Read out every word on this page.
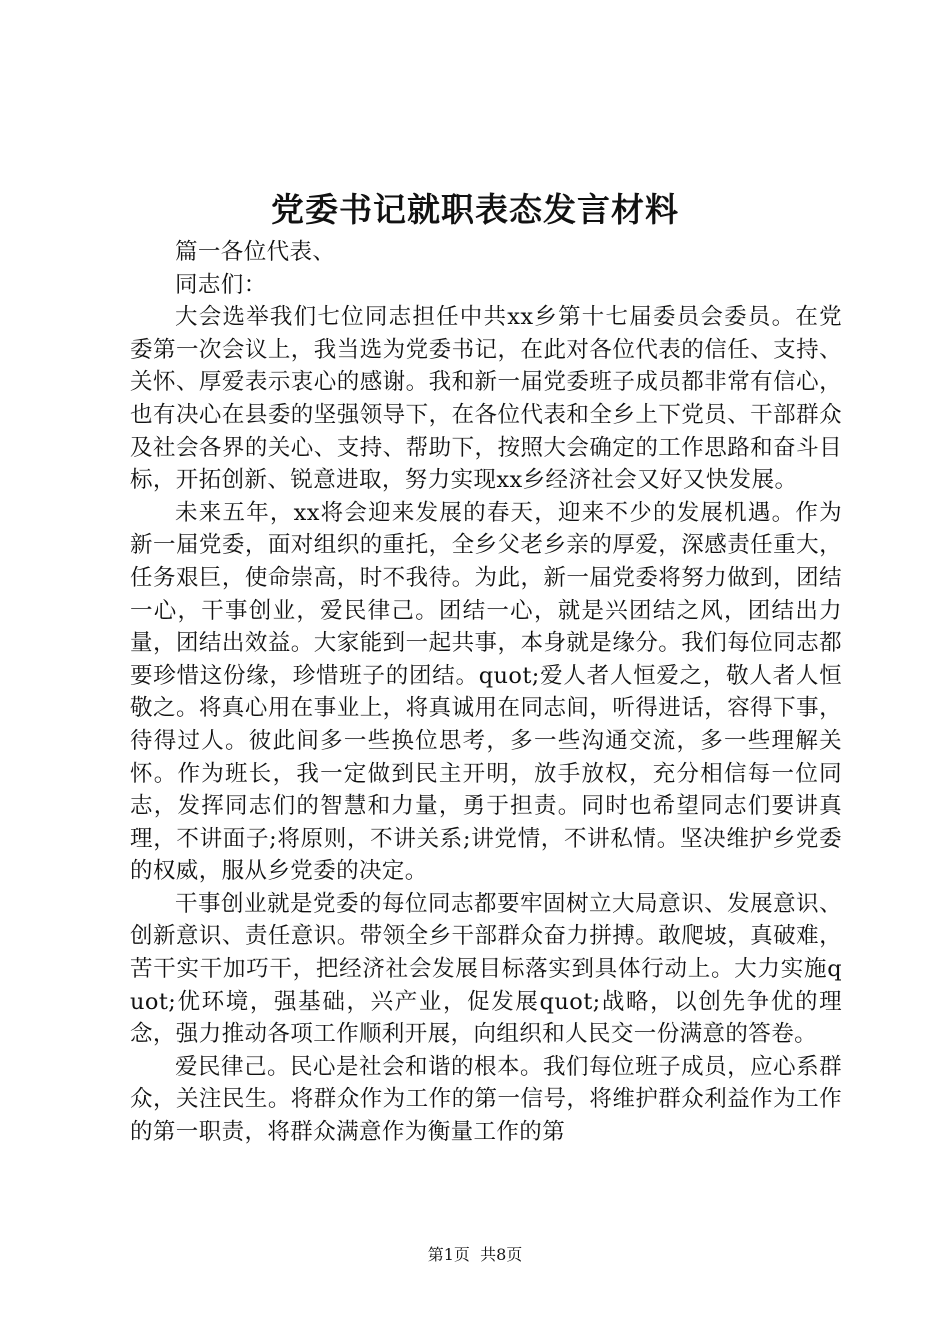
党委书记就职表态发言材料

篇一各位代表、

同志们：

大会选举我们七位同志担任中共xx乡第十七届委员会委员。在党委第一次会议上，我当选为党委书记，在此对各位代表的信任、支持、关怀、厚爱表示衷心的感谢。我和新一届党委班子成员都非常有信心，也有决心在县委的坚强领导下，在各位代表和全乡上下党员、干部群众及社会各界的关心、支持、帮助下，按照大会确定的工作思路和奋斗目标，开拓创新、锐意进取，努力实现xx乡经济社会又好又快发展。

未来五年，xx将会迎来发展的春天，迎来不少的发展机遇。作为新一届党委，面对组织的重托，全乡父老乡亲的厚爱，深感责任重大，任务艰巨，使命崇高，时不我待。为此，新一届党委将努力做到，团结一心，干事创业，爱民律己。团结一心，就是兴团结之风，团结出力量，团结出效益。大家能到一起共事，本身就是缘分。我们每位同志都要珍惜这份缘，珍惜班子的团结。quot;爱人者人恒爱之，敬人者人恒敬之。将真心用在事业上，将真诚用在同志间，听得进话，容得下事，待得过人。彼此间多一些换位思考，多一些沟通交流，多一些理解关怀。作为班长，我一定做到民主开明，放手放权，充分相信每一位同志，发挥同志们的智慧和力量，勇于担责。同时也希望同志们要讲真理，不讲面子;将原则，不讲关系;讲党情，不讲私情。坚决维护乡党委的权威，服从乡党委的决定。

干事创业就是党委的每位同志都要牢固树立大局意识、发展意识、创新意识、责任意识。带领全乡干部群众奋力拼搏。敢爬坡，真破难，苦干实干加巧干，把经济社会发展目标落实到具体行动上。大力实施quot;优环境，强基础，兴产业，促发展quot;战略，以创先争优的理念，强力推动各项工作顺利开展，向组织和人民交一份满意的答卷。

爱民律己。民心是社会和谐的根本。我们每位班子成员，应心系群众，关注民生。将群众作为工作的第一信号，将维护群众利益作为工作的第一职责，将群众满意作为衡量工作的第

第1页  共8页
